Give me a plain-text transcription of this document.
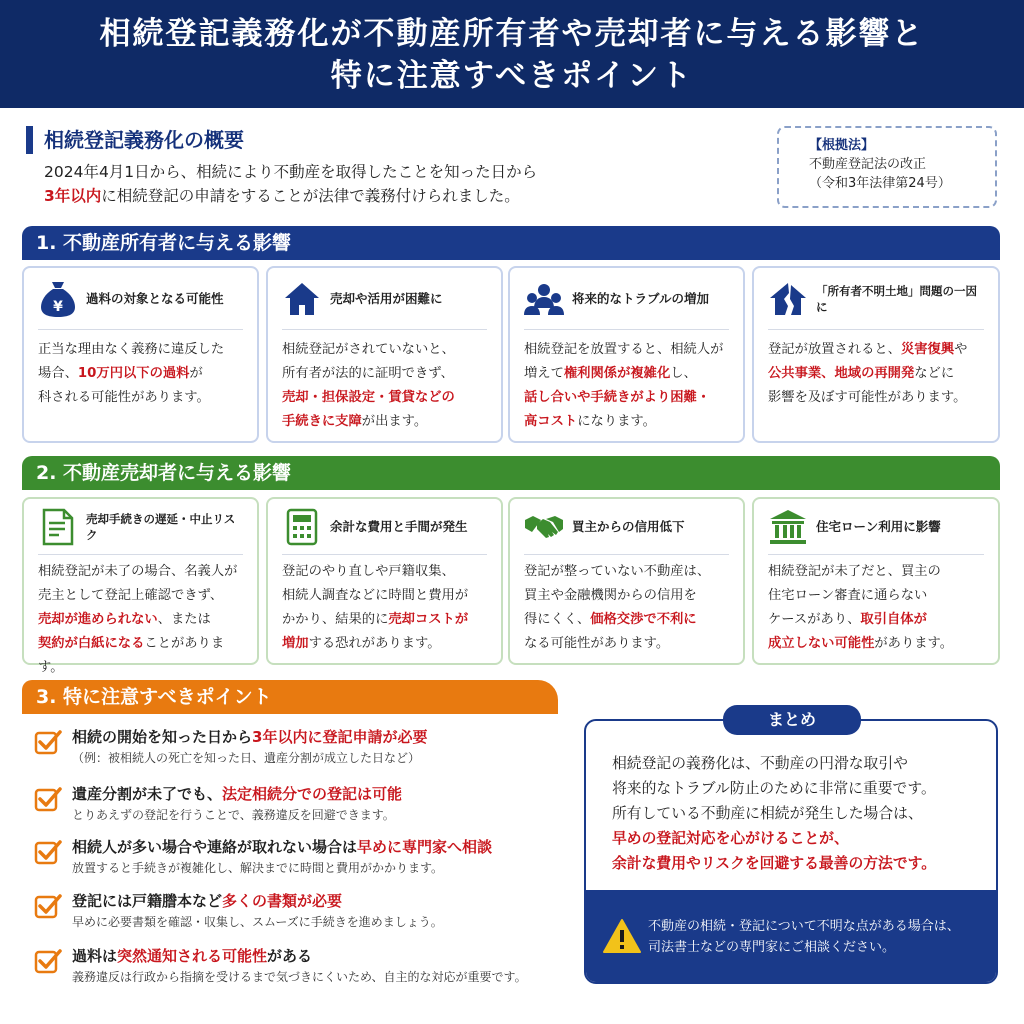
相続登記義務化が不動産所有者や売却者に与える影響と
特に注意すべきポイント
相続登記義務化の概要
2024年4月1日から、相続により不動産を取得したことを知った日から
3年以内に相続登記の申請をすることが法律で義務付けられました。
【根拠法】
不動産登記法の改正
（令和3年法律第24号）
1. 不動産所有者に与える影響
¥
過料の対象となる可能性
正当な理由なく義務に違反した
場合、10万円以下の過料が
科される可能性があります。
売却や活用が困難に
相続登記がされていないと、
所有者が法的に証明できず、
売却・担保設定・賃貸などの
手続きに支障が出ます。
将来的なトラブルの増加
相続登記を放置すると、相続人が
増えて権利関係が複雑化し、
話し合いや手続きがより困難・
高コストになります。
「所有者不明土地」問題の一因に
登記が放置されると、災害復興や
公共事業、地域の再開発などに
影響を及ぼす可能性があります。
2. 不動産売却者に与える影響
売却手続きの遅延・中止リスク
相続登記が未了の場合、名義人が
売主として登記上確認できず、
売却が進められない、または
契約が白紙になることがあります。
余計な費用と手間が発生
登記のやり直しや戸籍収集、
相続人調査などに時間と費用が
かかり、結果的に売却コストが
増加する恐れがあります。
買主からの信用低下
登記が整っていない不動産は、
買主や金融機関からの信用を
得にくく、価格交渉で不利に
なる可能性があります。
住宅ローン利用に影響
相続登記が未了だと、買主の
住宅ローン審査に通らない
ケースがあり、取引自体が
成立しない可能性があります。
3. 特に注意すべきポイント
相続の開始を知った日から3年以内に登記申請が必要
（例：被相続人の死亡を知った日、遺産分割が成立した日など）
遺産分割が未了でも、法定相続分での登記は可能
とりあえずの登記を行うことで、義務違反を回避できます。
相続人が多い場合や連絡が取れない場合は早めに専門家へ相談
放置すると手続きが複雑化し、解決までに時間と費用がかかります。
登記には戸籍謄本など多くの書類が必要
早めに必要書類を確認・収集し、スムーズに手続きを進めましょう。
過料は突然通知される可能性がある
義務違反は行政から指摘を受けるまで気づきにくいため、自主的な対応が重要です。
相続登記の義務化は、不動産の円滑な取引や
将来的なトラブル防止のために非常に重要です。
所有している不動産に相続が発生した場合は、
早めの登記対応を心がけることが、
余計な費用やリスクを回避する最善の方法です。
不動産の相続・登記について不明な点がある場合は、
司法書士などの専門家にご相談ください。
まとめ
